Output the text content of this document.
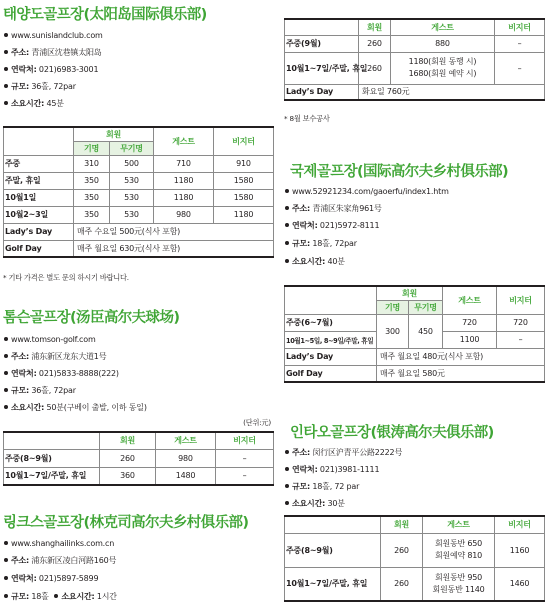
태양도골프장(太阳岛国际俱乐部)
www.sunislandclub.com
주소: 青浦区沈巷镇太阳岛
연락처: 021)6983-3001
규모: 36홀, 72par
소요시간: 45분
	회원		게스트	비지터
	기명	무기명		
주중	310	500	710	910
주말, 휴일	350	530	1180	1580
10월1일	350	530	1180	1580
10월2~3일	350	530	980	1180
Lady’s Day	매주 수요일 500元(식사 포함)			
Golf Day	매주 월요일 630元(식사 포함)			
* 기타 가격은 별도 문의 하시기 바랍니다.
톰슨골프장(汤臣高尔夫球场)
www.tomson-golf.com
주소: 浦东新区龙东大道1号
연락처: 021)5833-8888(222)
규모: 36홀, 72par
소요시간: 50분(구베이 출발, 이하 동일)
(단위:元)
	회원	게스트	비지터
주중(8~9월)	260	980	–
10월1~7일/주말, 휴일	360	1480	–
링크스골프장(林克司高尔夫乡村俱乐部)
www.shanghailinks.com.cn
주소: 浦东新区凌白河路160号
연락처: 021)5897-5899
규모: 18홀 소요시간: 1시간
	회원	게스트	비지터
주중(9월)	260	880	–
10월1~7일/주말, 휴일	260	1180(회원 동행 시)
1680(회원 예약 시)	–
Lady’s Day	화요일 760元		
* 8월 보수공사
국제골프장(国际高尔夫乡村俱乐部)
www.52921234.com/gaoerfu/index1.htm
주소: 青浦区朱家角961号
연락처: 021)5972-8111
규모: 18홀, 72par
소요시간: 40분
	회원		게스트	비지터
	기명	무기명		
주중(6~7월)	300	450	720	720
10월1~5일, 8~9일/주말, 휴일			1100	–
Lady’s Day	매주 월요일 480元(식사 포함)			
Golf Day	매주 월요일 580元			
인타오골프장(银涛高尔夫俱乐部)
주소: 闵行区沪青平公路2222号
연락처: 021)3981-1111
규모: 18홀, 72 par
소요시간: 30분
	회원	게스트	비지터
주중(8~9월)	260	회원동반 650
회원예약 810	1160
10월1~7일/주말, 휴일	260	회원동반 950
회원동반 1140	1460
